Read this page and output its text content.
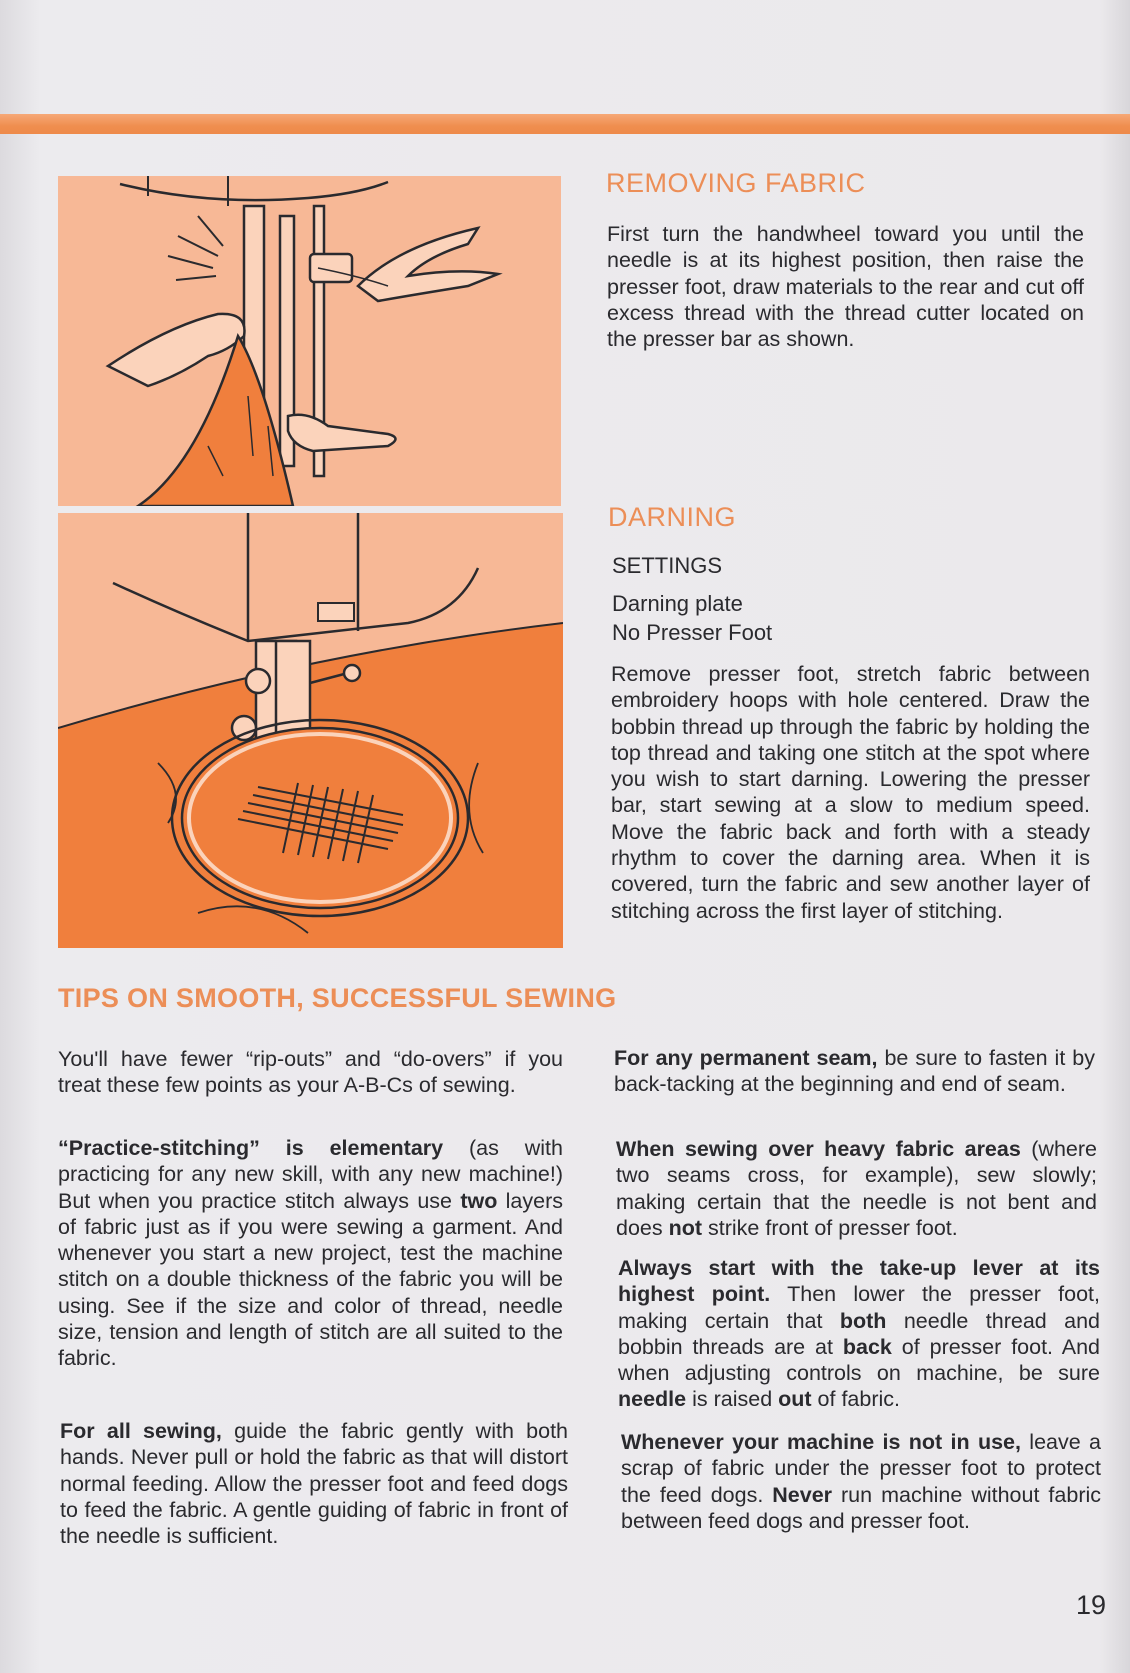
REMOVING FABRIC

First turn the handwheel toward you until the needle is at its highest position, then raise the presser foot, draw materials to the rear and cut off excess thread with the thread cutter located on the presser bar as shown.

DARNING

SETTINGS

Darning plate

No Presser Foot

Remove presser foot, stretch fabric between embroidery hoops with hole centered. Draw the bobbin thread up through the fabric by holding the top thread and taking one stitch at the spot where you wish to start darning. Lowering the presser bar, start sewing at a slow to medium speed. Move the fabric back and forth with a steady rhythm to cover the darning area. When it is covered, turn the fabric and sew another layer of stitching across the first layer of stitching.

TIPS ON SMOOTH, SUCCESSFUL SEWING

You'll have fewer “rip-outs” and “do-overs” if you treat these few points as your A-B-Cs of sewing.

“Practice-stitching” is elementary (as with practicing for any new skill, with any new machine!) But when you practice stitch always use two layers of fabric just as if you were sewing a garment. And whenever you start a new project, test the machine stitch on a double thickness of the fabric you will be using. See if the size and color of thread, needle size, tension and length of stitch are all suited to the fabric.

For all sewing, guide the fabric gently with both hands. Never pull or hold the fabric as that will distort normal feeding. Allow the presser foot and feed dogs to feed the fabric. A gentle guiding of fabric in front of the needle is sufficient.

For any permanent seam, be sure to fasten it by back-tacking at the beginning and end of seam.

When sewing over heavy fabric areas (where two seams cross, for example), sew slowly; making certain that the needle is not bent and does not strike front of presser foot.

Always start with the take-up lever at its highest point. Then lower the presser foot, making certain that both needle thread and bobbin threads are at back of presser foot. And when adjusting controls on machine, be sure needle is raised out of fabric.

Whenever your machine is not in use, leave a scrap of fabric under the presser foot to protect the feed dogs. Never run machine without fabric between feed dogs and presser foot.

19
